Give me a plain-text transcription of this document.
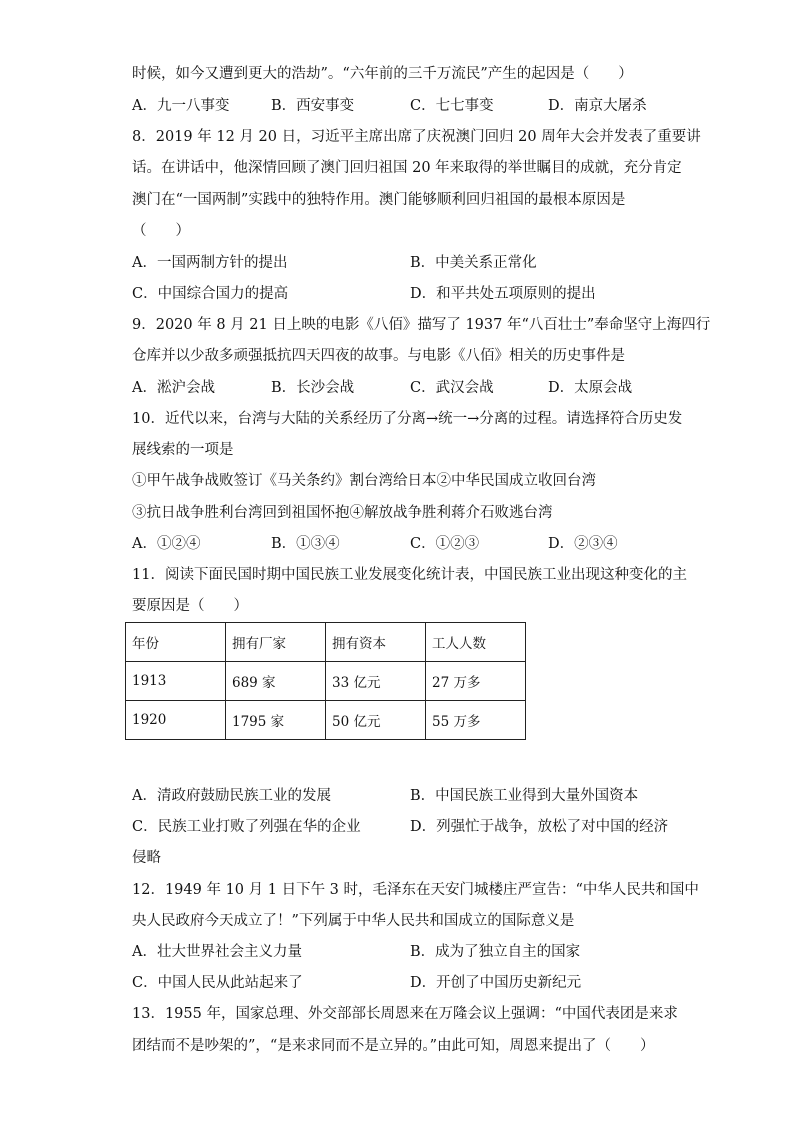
时候，如今又遭到更大的浩劫”。“六年前的三千万流民”产生的起因是（　　）
A．九一八事变	B．西安事变	C．七七事变	D．南京大屠杀
8．2019 年 12 月 20 日，习近平主席出席了庆祝澳门回归 20 周年大会并发表了重要讲
话。在讲话中，他深情回顾了澳门回归祖国 20 年来取得的举世瞩目的成就，充分肯定
澳门在“一国两制”实践中的独特作用。澳门能够顺利回归祖国的最根本原因是
（　　）
A．一国两制方针的提出	B．中美关系正常化
C．中国综合国力的提高	D．和平共处五项原则的提出
9．2020 年 8 月 21 日上映的电影《八佰》描写了 1937 年“八百壮士”奉命坚守上海四行
仓库并以少敌多顽强抵抗四天四夜的故事。与电影《八佰》相关的历史事件是
A．淞沪会战	B．长沙会战	C．武汉会战	D．太原会战
10．近代以来，台湾与大陆的关系经历了分离→统一→分离的过程。请选择符合历史发
展线索的一项是
①甲午战争战败签订《马关条约》割台湾给日本②中华民国成立收回台湾
③抗日战争胜利台湾回到祖国怀抱④解放战争胜利蒋介石败逃台湾
A．①②④	B．①③④	C．①②③	D．②③④
11．阅读下面民国时期中国民族工业发展变化统计表，中国民族工业出现这种变化的主
要原因是（　　）
年份	拥有厂家	拥有资本	工人人数
1913	689 家	33 亿元	27 万多
1920	1795 家	50 亿元	55 万多
A．清政府鼓励民族工业的发展	B．中国民族工业得到大量外国资本
C．民族工业打败了列强在华的企业	D．列强忙于战争，放松了对中国的经济
侵略
12．1949 年 10 月 1 日下午 3 时，毛泽东在天安门城楼庄严宣告：“中华人民共和国中
央人民政府今天成立了！”下列属于中华人民共和国成立的国际意义是
A．壮大世界社会主义力量	B．成为了独立自主的国家
C．中国人民从此站起来了	D．开创了中国历史新纪元
13．1955 年，国家总理、外交部部长周恩来在万隆会议上强调：“中国代表团是来求
团结而不是吵架的”，“是来求同而不是立异的。”由此可知，周恩来提出了（　　）
